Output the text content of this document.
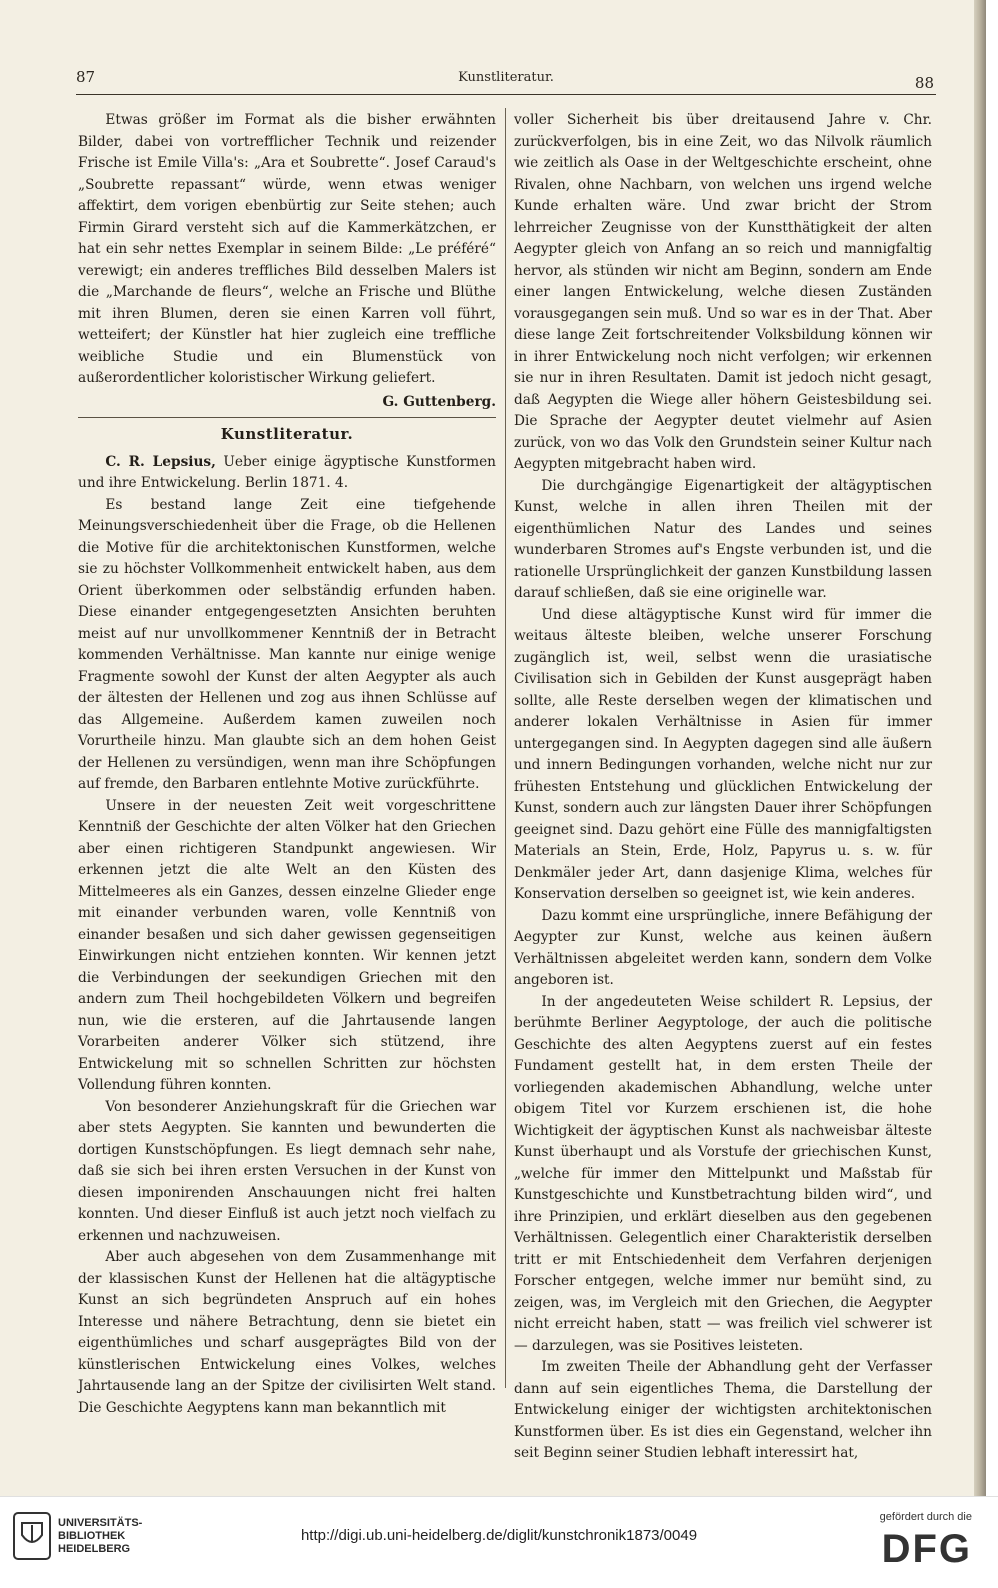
87	Kunstliteratur.	88

Etwas größer im Format als die bisher erwähnten Bilder, dabei von vortrefflicher Technik und reizender Frische ist Emile Villa's: „Ara et Soubrette“. Josef Caraud's „Soubrette repassant“ würde, wenn etwas weniger affektirt, dem vorigen ebenbürtig zur Seite stehen; auch Firmin Girard versteht sich auf die Kammerkätzchen, er hat ein sehr nettes Exemplar in seinem Bilde: „Le préféré“ verewigt; ein anderes treffliches Bild desselben Malers ist die „Marchande de fleurs“, welche an Frische und Blüthe mit ihren Blumen, deren sie einen Karren voll führt, wetteifert; der Künstler hat hier zugleich eine treffliche weibliche Studie und ein Blumenstück von außerordentlicher koloristischer Wirkung geliefert.

G. Guttenberg.
Kunstliteratur.

C. R. Lepsius, Ueber einige ägyptische Kunstformen und ihre Entwickelung. Berlin 1871. 4.

Es bestand lange Zeit eine tiefgehende Meinungsverschiedenheit über die Frage, ob die Hellenen die Motive für die architektonischen Kunstformen, welche sie zu höchster Vollkommenheit entwickelt haben, aus dem Orient überkommen oder selbständig erfunden haben. Diese einander entgegengesetzten Ansichten beruhten meist auf nur unvollkommener Kenntniß der in Betracht kommenden Verhältnisse. Man kannte nur einige wenige Fragmente sowohl der Kunst der alten Aegypter als auch der ältesten der Hellenen und zog aus ihnen Schlüsse auf das Allgemeine. Außerdem kamen zuweilen noch Vorurtheile hinzu. Man glaubte sich an dem hohen Geist der Hellenen zu versündigen, wenn man ihre Schöpfungen auf fremde, den Barbaren entlehnte Motive zurückführte.

Unsere in der neuesten Zeit weit vorgeschrittene Kenntniß der Geschichte der alten Völker hat den Griechen aber einen richtigeren Standpunkt angewiesen. Wir erkennen jetzt die alte Welt an den Küsten des Mittelmeeres als ein Ganzes, dessen einzelne Glieder enge mit einander verbunden waren, volle Kenntniß von einander besaßen und sich daher gewissen gegenseitigen Einwirkungen nicht entziehen konnten. Wir kennen jetzt die Verbindungen der seekundigen Griechen mit den andern zum Theil hochgebildeten Völkern und begreifen nun, wie die ersteren, auf die Jahrtausende langen Vorarbeiten anderer Völker sich stützend, ihre Entwickelung mit so schnellen Schritten zur höchsten Vollendung führen konnten.

Von besonderer Anziehungskraft für die Griechen war aber stets Aegypten. Sie kannten und bewunderten die dortigen Kunstschöpfungen. Es liegt demnach sehr nahe, daß sie sich bei ihren ersten Versuchen in der Kunst von diesen imponirenden Anschauungen nicht frei halten konnten. Und dieser Einfluß ist auch jetzt noch vielfach zu erkennen und nachzuweisen.

Aber auch abgesehen von dem Zusammenhange mit der klassischen Kunst der Hellenen hat die altägyptische Kunst an sich begründeten Anspruch auf ein hohes Interesse und nähere Betrachtung, denn sie bietet ein eigenthümliches und scharf ausgeprägtes Bild von der künstlerischen Entwickelung eines Volkes, welches Jahrtausende lang an der Spitze der civilisirten Welt stand. Die Geschichte Aegyptens kann man bekanntlich mit

voller Sicherheit bis über dreitausend Jahre v. Chr. zurückverfolgen, bis in eine Zeit, wo das Nilvolk räumlich wie zeitlich als Oase in der Weltgeschichte erscheint, ohne Rivalen, ohne Nachbarn, von welchen uns irgend welche Kunde erhalten wäre. Und zwar bricht der Strom lehrreicher Zeugnisse von der Kunstthätigkeit der alten Aegypter gleich von Anfang an so reich und mannigfaltig hervor, als stünden wir nicht am Beginn, sondern am Ende einer langen Entwickelung, welche diesen Zuständen vorausgegangen sein muß. Und so war es in der That. Aber diese lange Zeit fortschreitender Volksbildung können wir in ihrer Entwickelung noch nicht verfolgen; wir erkennen sie nur in ihren Resultaten. Damit ist jedoch nicht gesagt, daß Aegypten die Wiege aller höhern Geistesbildung sei. Die Sprache der Aegypter deutet vielmehr auf Asien zurück, von wo das Volk den Grundstein seiner Kultur nach Aegypten mitgebracht haben wird.

Die durchgängige Eigenartigkeit der altägyptischen Kunst, welche in allen ihren Theilen mit der eigenthümlichen Natur des Landes und seines wunderbaren Stromes auf's Engste verbunden ist, und die rationelle Ursprünglichkeit der ganzen Kunstbildung lassen darauf schließen, daß sie eine originelle war.

Und diese altägyptische Kunst wird für immer die weitaus älteste bleiben, welche unserer Forschung zugänglich ist, weil, selbst wenn die urasiatische Civilisation sich in Gebilden der Kunst ausgeprägt haben sollte, alle Reste derselben wegen der klimatischen und anderer lokalen Verhältnisse in Asien für immer untergegangen sind. In Aegypten dagegen sind alle äußern und innern Bedingungen vorhanden, welche nicht nur zur frühesten Entstehung und glücklichen Entwickelung der Kunst, sondern auch zur längsten Dauer ihrer Schöpfungen geeignet sind. Dazu gehört eine Fülle des mannigfaltigsten Materials an Stein, Erde, Holz, Papyrus u. s. w. für Denkmäler jeder Art, dann dasjenige Klima, welches für Konservation derselben so geeignet ist, wie kein anderes.

Dazu kommt eine ursprüngliche, innere Befähigung der Aegypter zur Kunst, welche aus keinen äußern Verhältnissen abgeleitet werden kann, sondern dem Volke angeboren ist.

In der angedeuteten Weise schildert R. Lepsius, der berühmte Berliner Aegyptologe, der auch die politische Geschichte des alten Aegyptens zuerst auf ein festes Fundament gestellt hat, in dem ersten Theile der vorliegenden akademischen Abhandlung, welche unter obigem Titel vor Kurzem erschienen ist, die hohe Wichtigkeit der ägyptischen Kunst als nachweisbar älteste Kunst überhaupt und als Vorstufe der griechischen Kunst, „welche für immer den Mittelpunkt und Maßstab für Kunstgeschichte und Kunstbetrachtung bilden wird“, und ihre Prinzipien, und erklärt dieselben aus den gegebenen Verhältnissen. Gelegentlich einer Charakteristik derselben tritt er mit Entschiedenheit dem Verfahren derjenigen Forscher entgegen, welche immer nur bemüht sind, zu zeigen, was, im Vergleich mit den Griechen, die Aegypter nicht erreicht haben, statt — was freilich viel schwerer ist — darzulegen, was sie Positives leisteten.

Im zweiten Theile der Abhandlung geht der Verfasser dann auf sein eigentliches Thema, die Darstellung der Entwickelung einiger der wichtigsten architektonischen Kunstformen über. Es ist dies ein Gegenstand, welcher ihn seit Beginn seiner Studien lebhaft interessirt hat,

UNIVERSITÄTS-
BIBLIOTHEK
HEIDELBERG
http://digi.ub.uni-heidelberg.de/diglit/kunstchronik1873/0049
gefördert durch die
DFG
